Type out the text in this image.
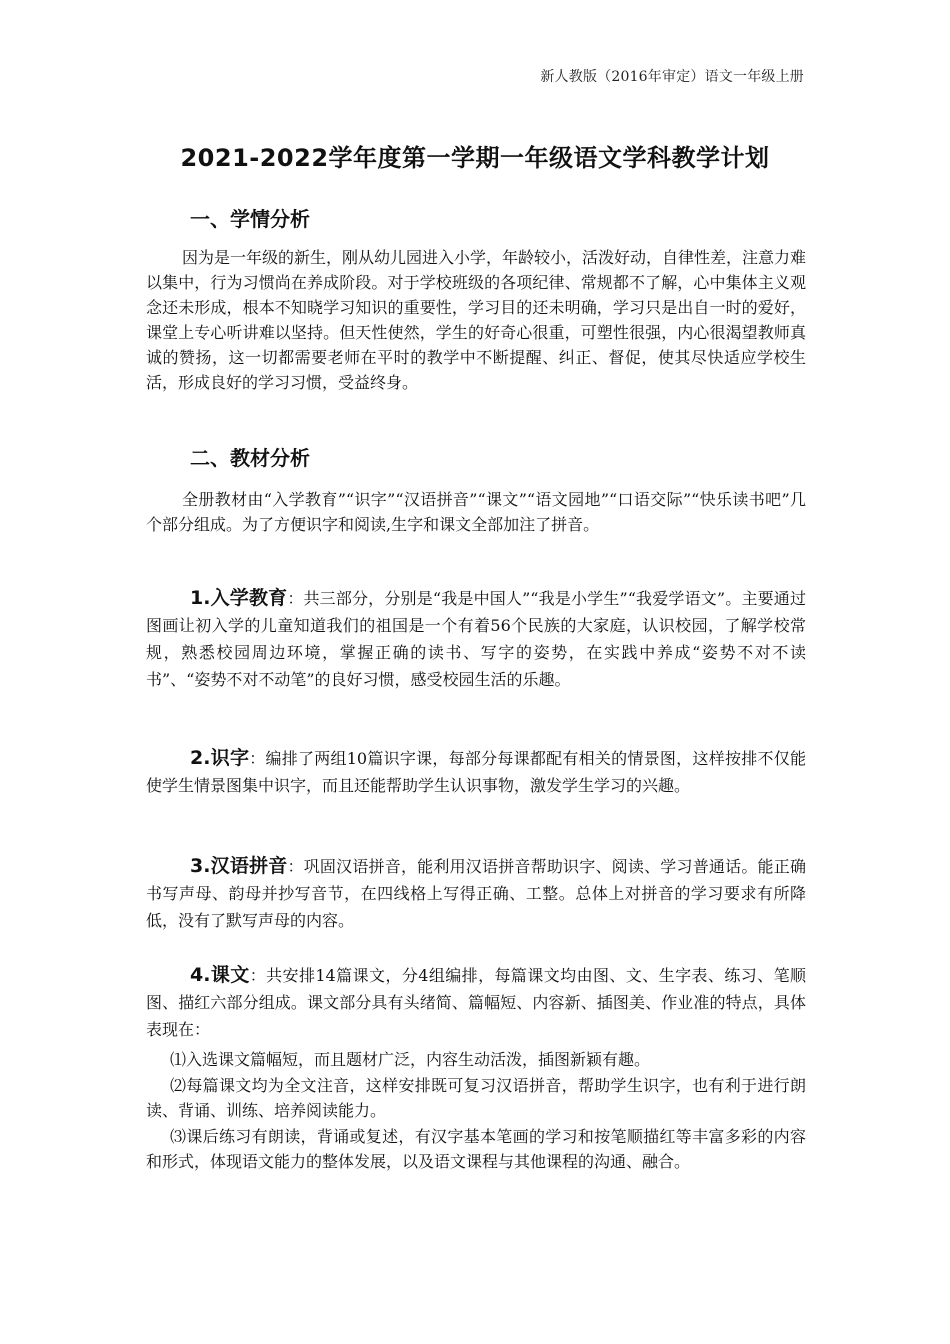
新人教版（2016年审定）语文一年级上册
2021-2022学年度第一学期一年级语文学科教学计划
一、学情分析

因为是一年级的新生，刚从幼儿园进入小学，年龄较小，活泼好动，自律性差，注意力难以集中，行为习惯尚在养成阶段。对于学校班级的各项纪律、常规都不了解，心中集体主义观念还未形成，根本不知晓学习知识的重要性，学习目的还未明确，学习只是出自一时的爱好，课堂上专心听讲难以坚持。但天性使然，学生的好奇心很重，可塑性很强，内心很渴望教师真诚的赞扬，这一切都需要老师在平时的教学中不断提醒、纠正、督促，使其尽快适应学校生活，形成良好的学习习惯，受益终身。

二、教材分析

全册教材由“入学教育”“识字”“汉语拼音”“课文”“语文园地”“口语交际”“快乐读书吧”几个部分组成。为了方便识字和阅读,生字和课文全部加注了拼音。

1.入学教育：共三部分，分别是“我是中国人”“我是小学生”“我爱学语文”。主要通过图画让初入学的儿童知道我们的祖国是一个有着56个民族的大家庭，认识校园，了解学校常规，熟悉校园周边环境，掌握正确的读书、写字的姿势，在实践中养成“姿势不对不读书”、“姿势不对不动笔”的良好习惯，感受校园生活的乐趣。

2.识字：编排了两组10篇识字课，每部分每课都配有相关的情景图，这样按排不仅能使学生情景图集中识字，而且还能帮助学生认识事物，激发学生学习的兴趣。

3.汉语拼音：巩固汉语拼音，能利用汉语拼音帮助识字、阅读、学习普通话。能正确书写声母、韵母并抄写音节，在四线格上写得正确、工整。总体上对拼音的学习要求有所降低，没有了默写声母的内容。

4.课文：共安排14篇课文，分4组编排，每篇课文均由图、文、生字表、练习、笔顺图、描红六部分组成。课文部分具有头绪简、篇幅短、内容新、插图美、作业准的特点，具体表现在：

⑴入选课文篇幅短，而且题材广泛，内容生动活泼，插图新颖有趣。

⑵每篇课文均为全文注音，这样安排既可复习汉语拼音，帮助学生识字，也有利于进行朗读、背诵、训练、培养阅读能力。

⑶课后练习有朗读，背诵或复述，有汉字基本笔画的学习和按笔顺描红等丰富多彩的内容和形式，体现语文能力的整体发展，以及语文课程与其他课程的沟通、融合。
